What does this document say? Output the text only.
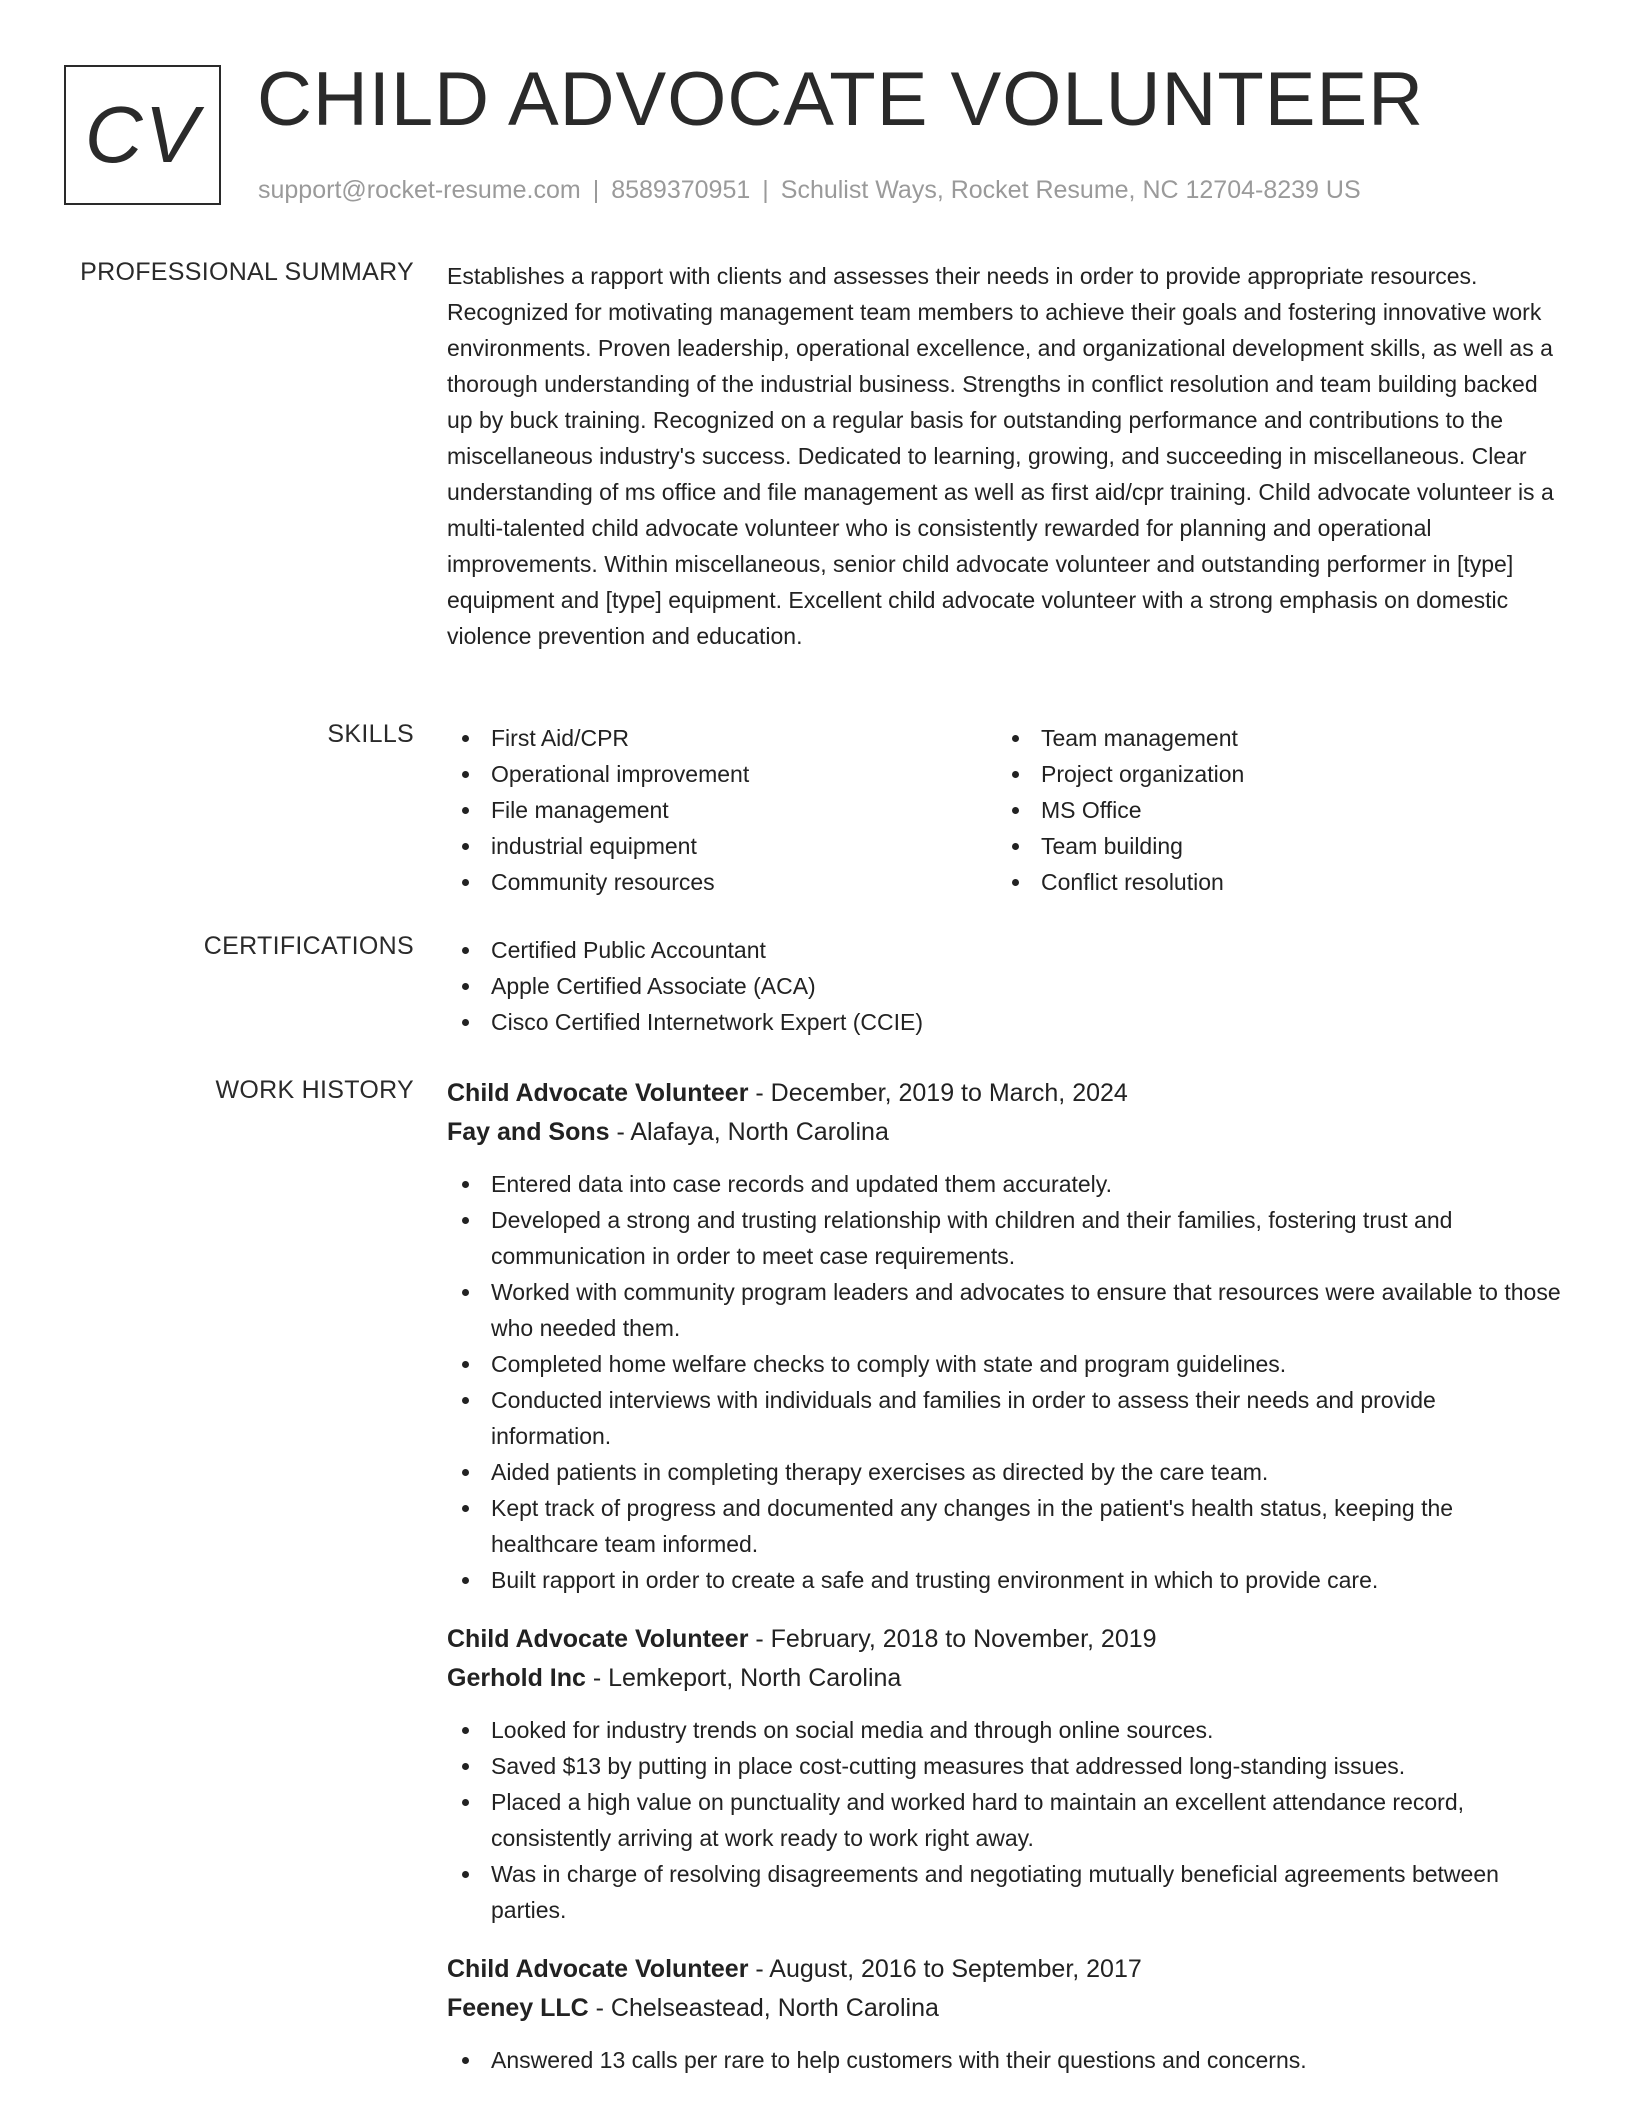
CV CHILD ADVOCATE VOLUNTEER
support@rocket-resume.com | 8589370951 | Schulist Ways, Rocket Resume, NC 12704-8239 US
PROFESSIONAL SUMMARY Establishes a rapport with clients and assesses their needs in order to provide appropriate resources. Recognized for motivating management team members to achieve their goals and fostering innovative work environments. Proven leadership, operational excellence, and organizational development skills, as well as a thorough understanding of the industrial business. Strengths in conflict resolution and team building backed up by buck training. Recognized on a regular basis for outstanding performance and contributions to the miscellaneous industry's success. Dedicated to learning, growing, and succeeding in miscellaneous. Clear understanding of ms office and file management as well as first aid/cpr training. Child advocate volunteer is a multi-talented child advocate volunteer who is consistently rewarded for planning and operational improvements. Within miscellaneous, senior child advocate volunteer and outstanding performer in [type] equipment and [type] equipment. Excellent child advocate volunteer with a strong emphasis on domestic violence prevention and education.

SKILLS	First Aid/CPR
Operational improvement
File management
industrial equipment
Community resources
Team management
Project organization
MS Office
Team building
Conflict resolution
CERTIFICATIONS	Certified Public Accountant
Apple Certified Associate (ACA)
Cisco Certified Internetwork Expert (CCIE)
WORK HISTORY Child Advocate Volunteer - December, 2019 to March, 2024
Fay and Sons - Alafaya, North Carolina
Entered data into case records and updated them accurately.
Developed a strong and trusting relationship with children and their families, fostering trust and communication in order to meet case requirements.
Worked with community program leaders and advocates to ensure that resources were available to those who needed them.
Completed home welfare checks to comply with state and program guidelines.
Conducted interviews with individuals and families in order to assess their needs and provide information.
Aided patients in completing therapy exercises as directed by the care team.
Kept track of progress and documented any changes in the patient's health status, keeping the healthcare team informed.
Built rapport in order to create a safe and trusting environment in which to provide care.
Child Advocate Volunteer - February, 2018 to November, 2019
Gerhold Inc - Lemkeport, North Carolina
Looked for industry trends on social media and through online sources.
Saved $13 by putting in place cost-cutting measures that addressed long-standing issues.
Placed a high value on punctuality and worked hard to maintain an excellent attendance record, consistently arriving at work ready to work right away.
Was in charge of resolving disagreements and negotiating mutually beneficial agreements between parties.
Child Advocate Volunteer - August, 2016 to September, 2017
Feeney LLC - Chelseastead, North Carolina
Answered 13 calls per rare to help customers with their questions and concerns.
